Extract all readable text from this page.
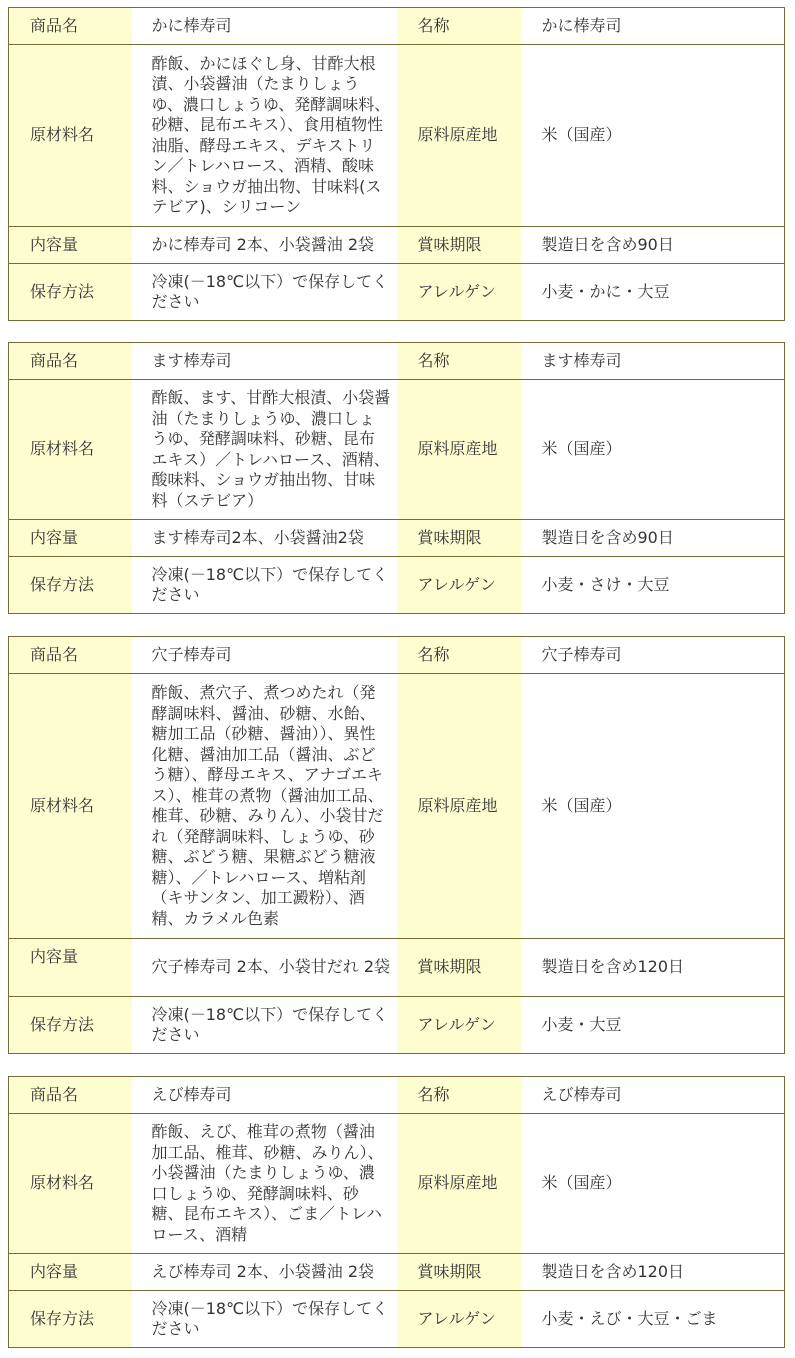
商品名	かに棒寿司	名称	かに棒寿司
原材料名	酢飯、かにほぐし身、甘酢大根漬、小袋醤油（たまりしょうゆ、濃口しょうゆ、発酵調味料、砂糖、昆布エキス）、食用植物性油脂、酵母エキス、デキストリン／トレハロース、酒精、酸味料、ショウガ抽出物、甘味料(ステビア)、シリコーン	原料原産地	米（国産）
内容量	かに棒寿司 2本、小袋醤油 2袋	賞味期限	製造日を含め90日
保存方法	冷凍(－18℃以下）で保存してください	アレルゲン	小麦・かに・大豆
商品名	ます棒寿司	名称	ます棒寿司
原材料名	酢飯、ます、甘酢大根漬、小袋醤油（たまりしょうゆ、濃口しょうゆ、発酵調味料、砂糖、昆布エキス）／トレハロース、酒精、酸味料、ショウガ抽出物、甘味料（ステビア）	原料原産地	米（国産）
内容量	ます棒寿司2本、小袋醤油2袋	賞味期限	製造日を含め90日
保存方法	冷凍(－18℃以下）で保存してください	アレルゲン	小麦・さけ・大豆
商品名	穴子棒寿司	名称	穴子棒寿司
原材料名	酢飯、煮穴子、煮つめたれ（発酵調味料、醤油、砂糖、水飴、糖加工品（砂糖、醤油））、異性化糖、醤油加工品（醤油、ぶどう糖）、酵母エキス、アナゴエキス）、椎茸の煮物（醤油加工品、椎茸、砂糖、みりん）、小袋甘だれ（発酵調味料、しょうゆ、砂糖、ぶどう糖、果糖ぶどう糖液糖）、／トレハロース、増粘剤（キサンタン、加工澱粉）、酒精、カラメル色素	原料原産地	米（国産）
内容量	穴子棒寿司 2本、小袋甘だれ 2袋	賞味期限	製造日を含め120日
保存方法	冷凍(－18℃以下）で保存してください	アレルゲン	小麦・大豆
商品名	えび棒寿司	名称	えび棒寿司
原材料名	酢飯、えび、椎茸の煮物（醤油加工品、椎茸、砂糖、みりん）、小袋醤油（たまりしょうゆ、濃口しょうゆ、発酵調味料、砂糖、昆布エキス）、ごま／トレハロース、酒精	原料原産地	米（国産）
内容量	えび棒寿司 2本、小袋醤油 2袋	賞味期限	製造日を含め120日
保存方法	冷凍(－18℃以下）で保存してください	アレルゲン	小麦・えび・大豆・ごま
